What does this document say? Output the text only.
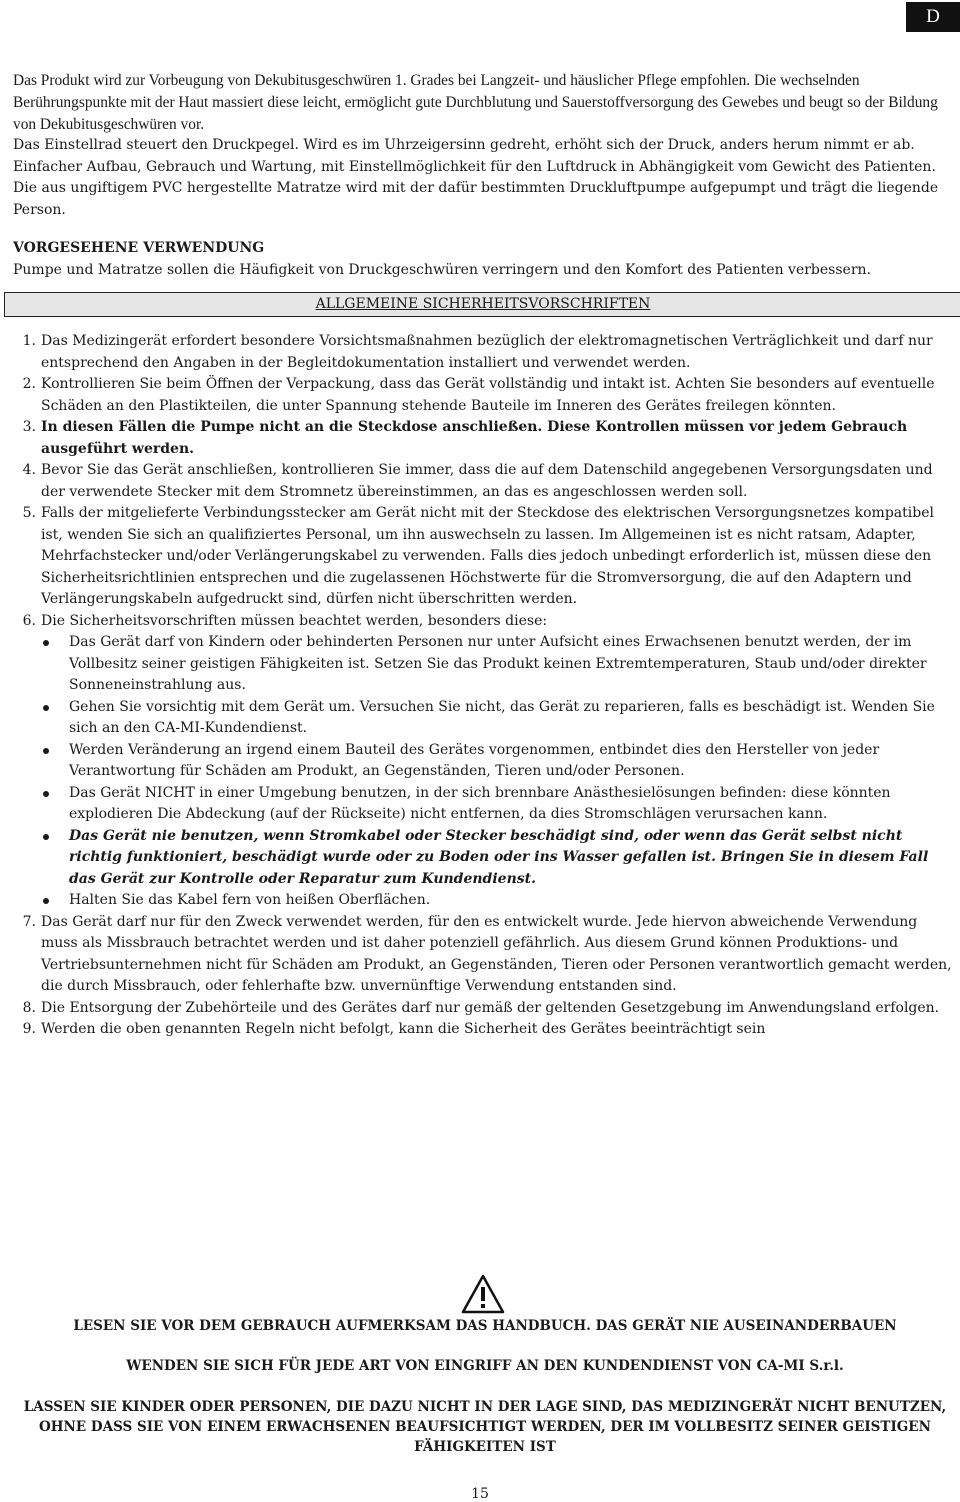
D

Das Produkt wird zur Vorbeugung von Dekubitusgeschwüren 1. Grades bei Langzeit- und häuslicher Pflege empfohlen. Die wechselnden Berührungspunkte mit der Haut massiert diese leicht, ermöglicht gute Durchblutung und Sauerstoffversorgung des Gewebes und beugt so der Bildung von Dekubitusgeschwüren vor.

Das Einstellrad steuert den Druckpegel. Wird es im Uhrzeigersinn gedreht, erhöht sich der Druck, anders herum nimmt er ab. Einfacher Aufbau, Gebrauch und Wartung, mit Einstellmöglichkeit für den Luftdruck in Abhängigkeit vom Gewicht des Patienten.

Die aus ungiftigem PVC hergestellte Matratze wird mit der dafür bestimmten Druckluftpumpe aufgepumpt und trägt die liegende Person.

VORGESEHENE VERWENDUNG

Pumpe und Matratze sollen die Häufigkeit von Druckgeschwüren verringern und den Komfort des Patienten verbessern.

ALLGEMEINE SICHERHEITSVORSCHRIFTEN
1. Das Medizingerät erfordert besondere Vorsichtsmaßnahmen bezüglich der elektromagnetischen Verträglichkeit und darf nur entsprechend den Angaben in der Begleitdokumentation installiert und verwendet werden.
2. Kontrollieren Sie beim Öffnen der Verpackung, dass das Gerät vollständig und intakt ist. Achten Sie besonders auf eventuelle Schäden an den Plastikteilen, die unter Spannung stehende Bauteile im Inneren des Gerätes freilegen könnten.
3. In diesen Fällen die Pumpe nicht an die Steckdose anschließen. Diese Kontrollen müssen vor jedem Gebrauch ausgeführt werden.
4. Bevor Sie das Gerät anschließen, kontrollieren Sie immer, dass die auf dem Datenschild angegebenen Versorgungsdaten und der verwendete Stecker mit dem Stromnetz übereinstimmen, an das es angeschlossen werden soll.
5. Falls der mitgelieferte Verbindungsstecker am Gerät nicht mit der Steckdose des elektrischen Versorgungsnetzes kompatibel ist, wenden Sie sich an qualifiziertes Personal, um ihn auswechseln zu lassen. Im Allgemeinen ist es nicht ratsam, Adapter, Mehrfachstecker und/oder Verlängerungskabel zu verwenden. Falls dies jedoch unbedingt erforderlich ist, müssen diese den Sicherheitsrichtlinien entsprechen und die zugelassenen Höchstwerte für die Stromversorgung, die auf den Adaptern und Verlängerungskabeln aufgedruckt sind, dürfen nicht überschritten werden.
6. Die Sicherheitsvorschriften müssen beachtet werden, besonders diese:
Das Gerät darf von Kindern oder behinderten Personen nur unter Aufsicht eines Erwachsenen benutzt werden, der im Vollbesitz seiner geistigen Fähigkeiten ist. Setzen Sie das Produkt keinen Extremtemperaturen, Staub und/oder direkter Sonneneinstrahlung aus.
Gehen Sie vorsichtig mit dem Gerät um. Versuchen Sie nicht, das Gerät zu reparieren, falls es beschädigt ist. Wenden Sie sich an den CA-MI-Kundendienst.
Werden Veränderung an irgend einem Bauteil des Gerätes vorgenommen, entbindet dies den Hersteller von jeder Verantwortung für Schäden am Produkt, an Gegenständen, Tieren und/oder Personen.
Das Gerät NICHT in einer Umgebung benutzen, in der sich brennbare Anästhesielösungen befinden: diese könnten explodieren Die Abdeckung (auf der Rückseite) nicht entfernen, da dies Stromschlägen verursachen kann.
Das Gerät nie benutzen, wenn Stromkabel oder Stecker beschädigt sind, oder wenn das Gerät selbst nicht richtig funktioniert, beschädigt wurde oder zu Boden oder ins Wasser gefallen ist. Bringen Sie in diesem Fall das Gerät zur Kontrolle oder Reparatur zum Kundendienst.
Halten Sie das Kabel fern von heißen Oberflächen.
7. Das Gerät darf nur für den Zweck verwendet werden, für den es entwickelt wurde. Jede hiervon abweichende Verwendung muss als Missbrauch betrachtet werden und ist daher potenziell gefährlich. Aus diesem Grund können Produktions- und Vertriebsunternehmen nicht für Schäden am Produkt, an Gegenständen, Tieren oder Personen verantwortlich gemacht werden, die durch Missbrauch, oder fehlerhafte bzw. unvernünftige Verwendung entstanden sind.
8. Die Entsorgung der Zubehörteile und des Gerätes darf nur gemäß der geltenden Gesetzgebung im Anwendungsland erfolgen.
9. Werden die oben genannten Regeln nicht befolgt, kann die Sicherheit des Gerätes beeinträchtigt sein
LESEN SIE VOR DEM GEBRAUCH AUFMERKSAM DAS HANDBUCH. DAS GERÄT NIE AUSEINANDERBAUEN
WENDEN SIE SICH FÜR JEDE ART VON EINGRIFF AN DEN KUNDENDIENST VON CA-MI S.r.l.
LASSEN SIE KINDER ODER PERSONEN, DIE DAZU NICHT IN DER LAGE SIND, DAS MEDIZINGERÄT NICHT BENUTZEN, OHNE DASS SIE VON EINEM ERWACHSENEN BEAUFSICHTIGT WERDEN, DER IM VOLLBESITZ SEINER GEISTIGEN FÄHIGKEITEN IST
15
